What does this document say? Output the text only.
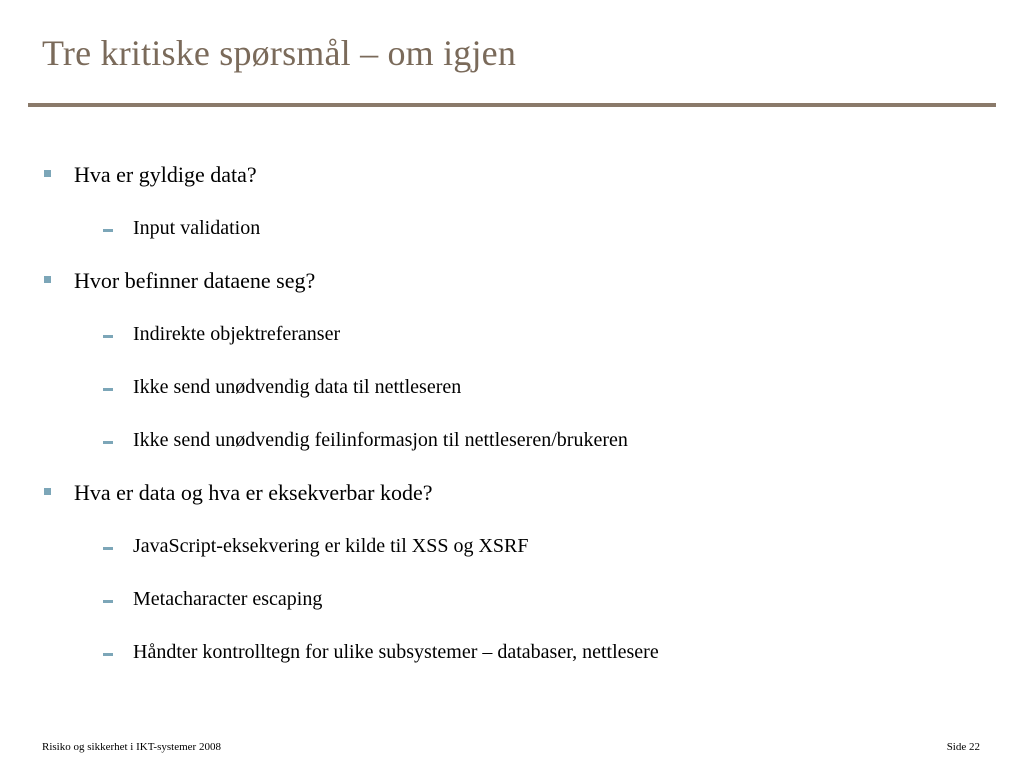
Tre kritiske spørsmål – om igjen
Hva er gyldige data?
Input validation
Hvor befinner dataene seg?
Indirekte objektreferanser
Ikke send unødvendig data til nettleseren
Ikke send unødvendig feilinformasjon til nettleseren/brukeren
Hva er data og hva er eksekverbar kode?
JavaScript-eksekvering er kilde til XSS og XSRF
Metacharacter escaping
Håndter kontrolltegn for ulike subsystemer – databaser, nettlesere
Risiko og sikkerhet i IKT-systemer 2008	Side 22
